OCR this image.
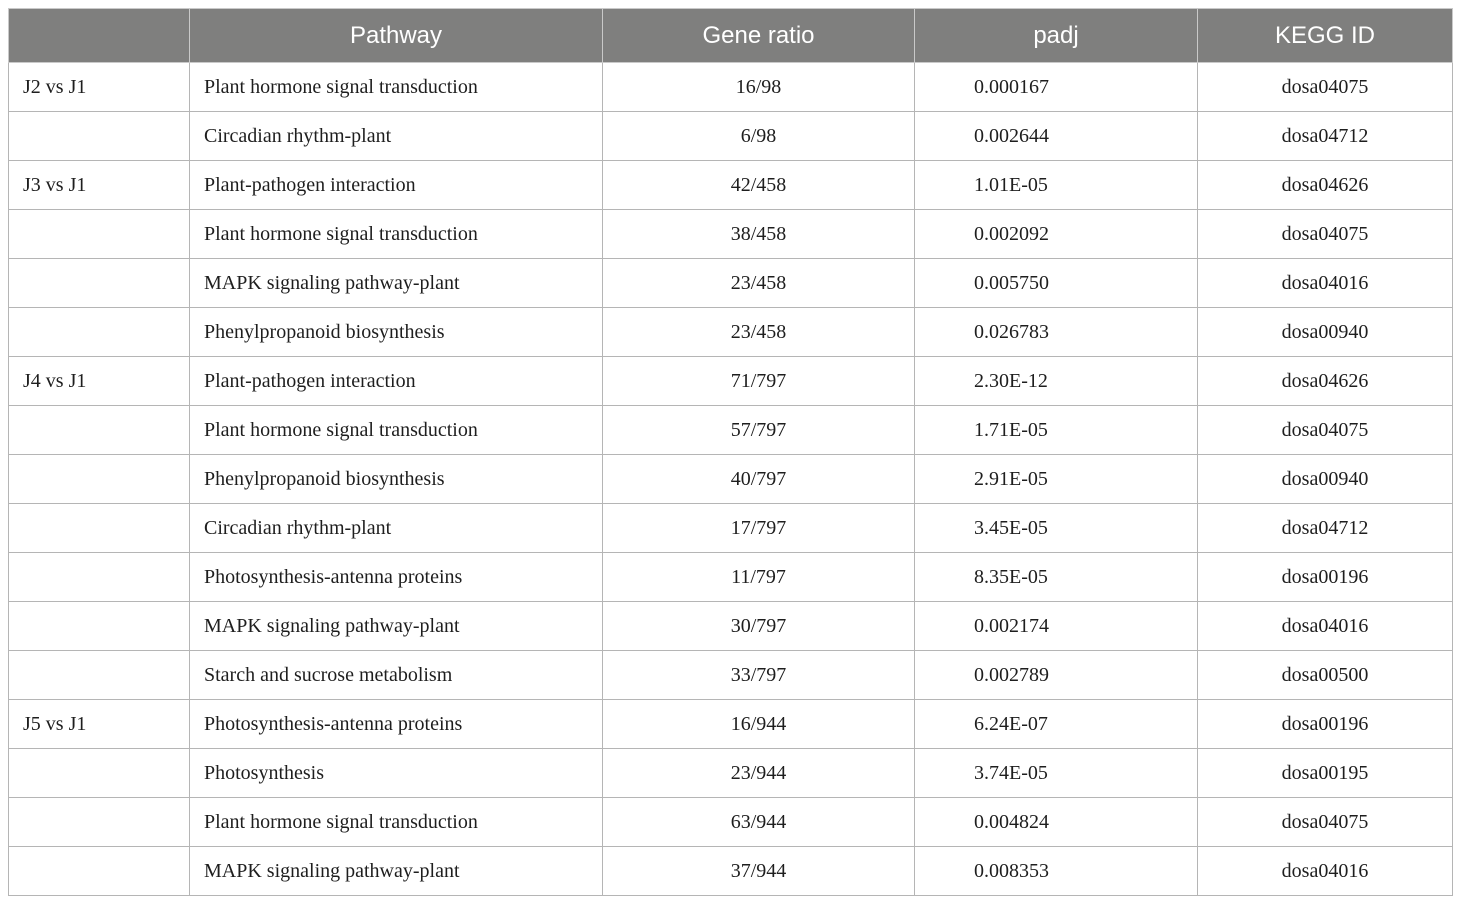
	Pathway	Gene ratio	padj	KEGG ID
J2 vs J1	Plant hormone signal transduction	16/98	0.000167	dosa04075
	Circadian rhythm-plant	6/98	0.002644	dosa04712
J3 vs J1	Plant-pathogen interaction	42/458	1.01E-05	dosa04626
	Plant hormone signal transduction	38/458	0.002092	dosa04075
	MAPK signaling pathway-plant	23/458	0.005750	dosa04016
	Phenylpropanoid biosynthesis	23/458	0.026783	dosa00940
J4 vs J1	Plant-pathogen interaction	71/797	2.30E-12	dosa04626
	Plant hormone signal transduction	57/797	1.71E-05	dosa04075
	Phenylpropanoid biosynthesis	40/797	2.91E-05	dosa00940
	Circadian rhythm-plant	17/797	3.45E-05	dosa04712
	Photosynthesis-antenna proteins	11/797	8.35E-05	dosa00196
	MAPK signaling pathway-plant	30/797	0.002174	dosa04016
	Starch and sucrose metabolism	33/797	0.002789	dosa00500
J5 vs J1	Photosynthesis-antenna proteins	16/944	6.24E-07	dosa00196
	Photosynthesis	23/944	3.74E-05	dosa00195
	Plant hormone signal transduction	63/944	0.004824	dosa04075
	MAPK signaling pathway-plant	37/944	0.008353	dosa04016
